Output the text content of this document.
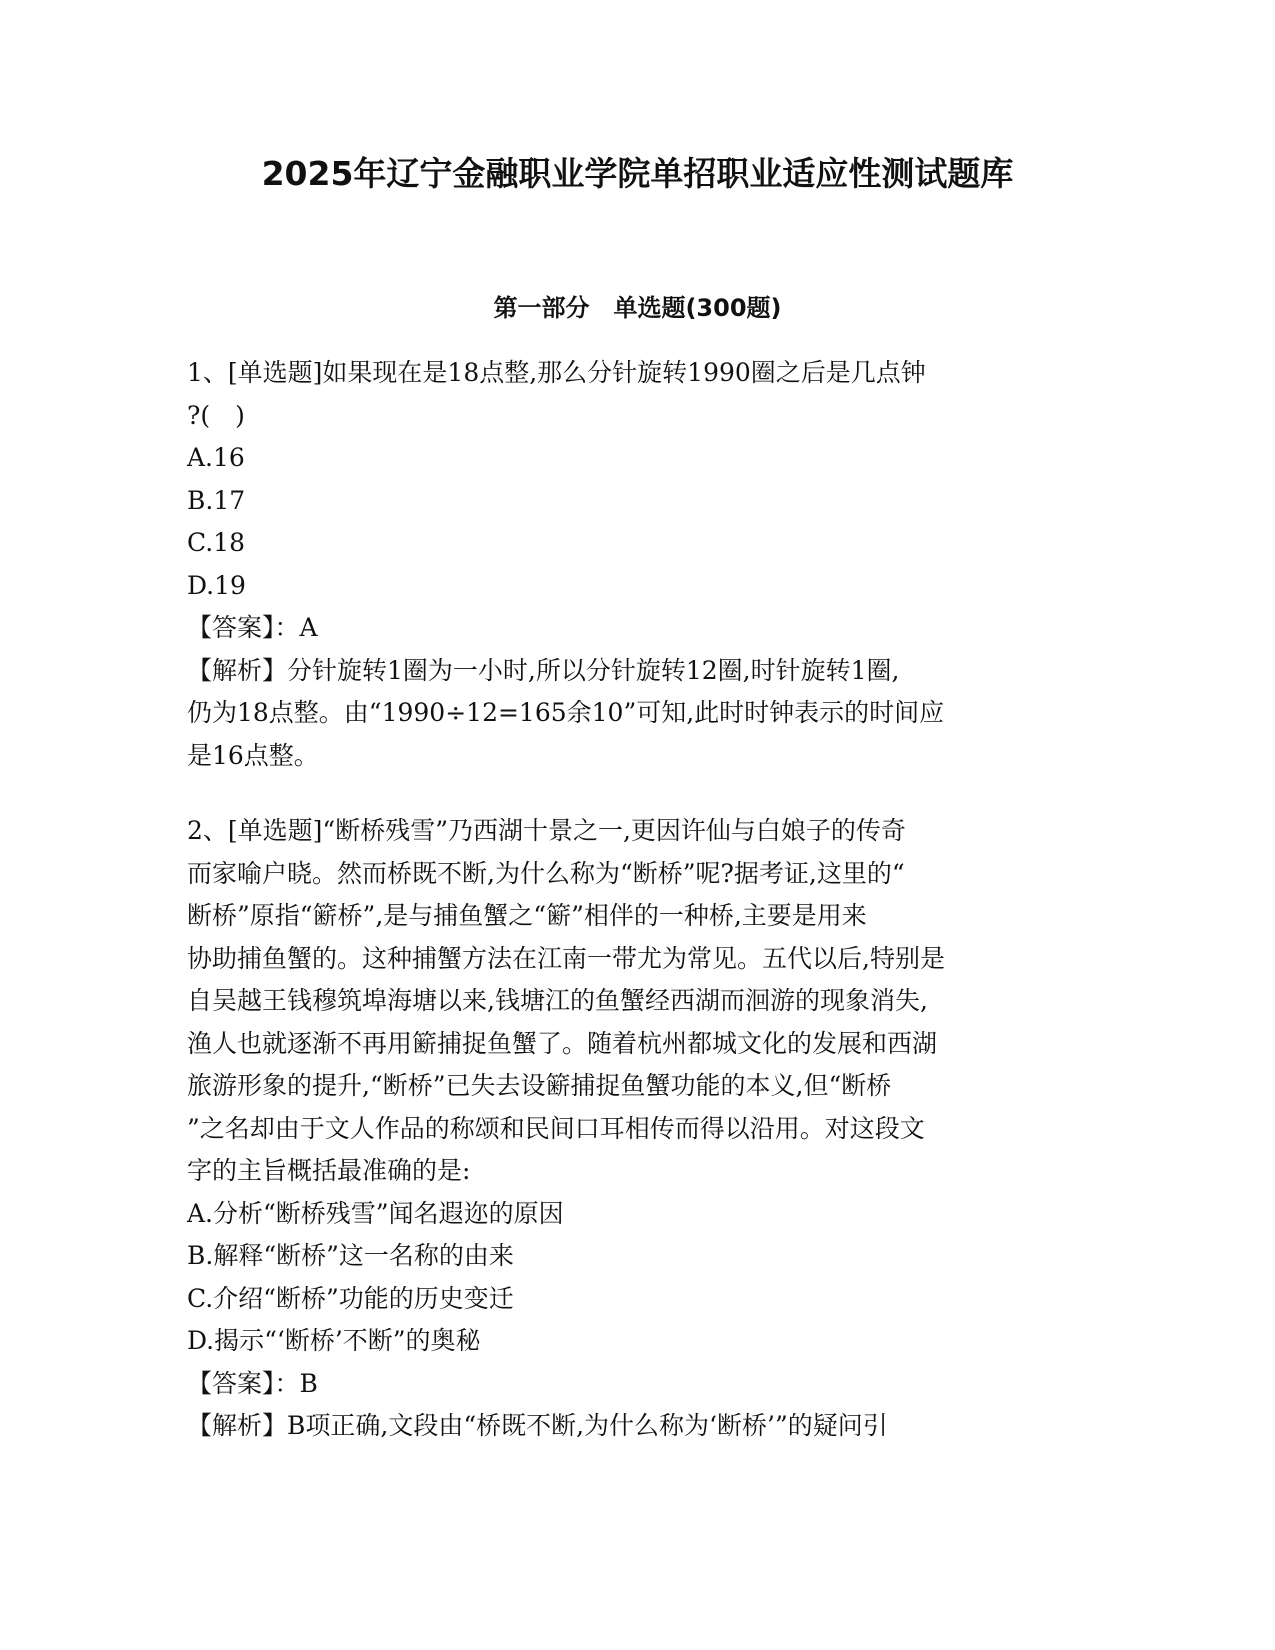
2025年辽宁金融职业学院单招职业适应性测试题库
第一部分　单选题(300题)
1、[单选题]如果现在是18点整,那么分针旋转1990圈之后是几点钟
?(　)
A.16
B.17
C.18
D.19
【答案】：A
【解析】分针旋转1圈为一小时,所以分针旋转12圈,时针旋转1圈,
仍为18点整。由“1990÷12=165余10”可知,此时时钟表示的时间应
是16点整。
2、[单选题]“断桥残雪”乃西湖十景之一,更因许仙与白娘子的传奇
而家喻户晓。然而桥既不断,为什么称为“断桥”呢?据考证,这里的“
断桥”原指“簖桥”,是与捕鱼蟹之“簖”相伴的一种桥,主要是用来
协助捕鱼蟹的。这种捕蟹方法在江南一带尤为常见。五代以后,特别是
自吴越王钱穆筑埠海塘以来,钱塘江的鱼蟹经西湖而洄游的现象消失,
渔人也就逐渐不再用簖捕捉鱼蟹了。随着杭州都城文化的发展和西湖
旅游形象的提升,“断桥”已失去设簖捕捉鱼蟹功能的本义,但“断桥
”之名却由于文人作品的称颂和民间口耳相传而得以沿用。对这段文
字的主旨概括最准确的是:
A.分析“断桥残雪”闻名遐迩的原因
B.解释“断桥”这一名称的由来
C.介绍“断桥”功能的历史变迁
D.揭示“‘断桥’不断”的奥秘
【答案】：B
【解析】B项正确,文段由“桥既不断,为什么称为‘断桥’”的疑问引
